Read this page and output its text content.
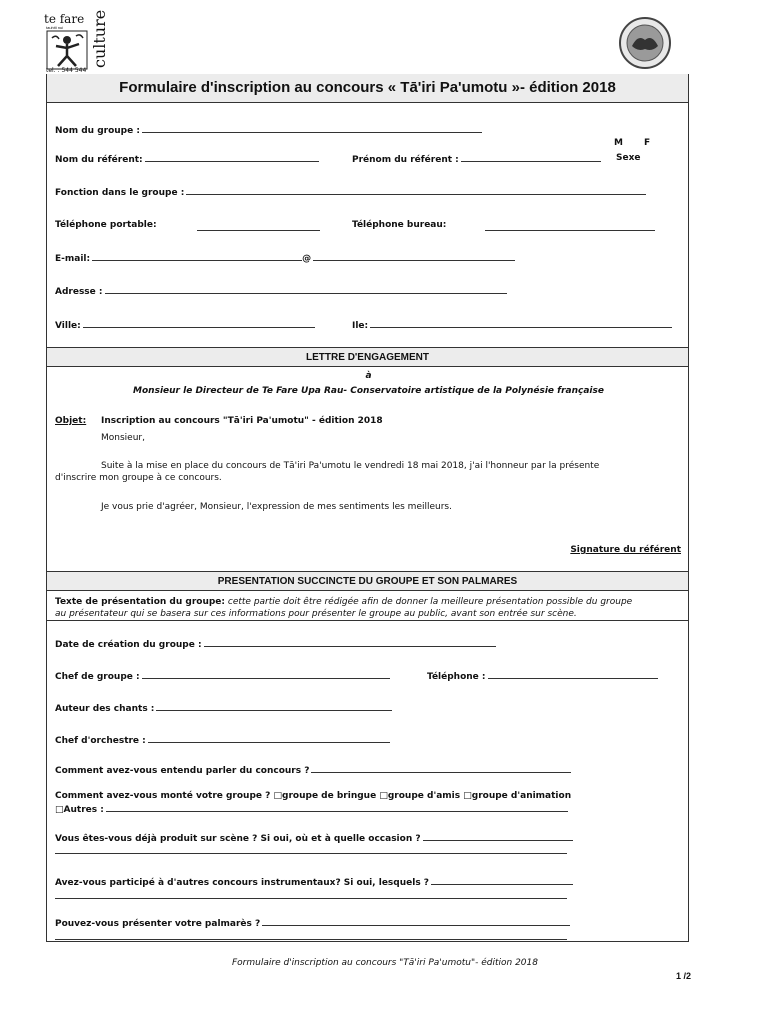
te fare
tauhiti nui culture
tel. : 544 544
Formulaire d'inscription au concours « Tā'iri Pa'umotu »- édition 2018
Nom du groupe :
M F
Nom du référent:	Prénom du référent :	Sexe
Fonction dans le groupe :
Téléphone portable:	Téléphone bureau:
E-mail:	@
Adresse :
Ville:	Ile:
LETTRE D'ENGAGEMENT
à
Monsieur le Directeur de Te Fare Upa Rau- Conservatoire artistique de la Polynésie française
Objet: Inscription au concours "Tā'iri Pa'umotu" - édition 2018
Monsieur,
Suite à la mise en place du concours de Tā'iri Pa'umotu le vendredi 18 mai 2018, j'ai l'honneur par la présente
d'inscrire mon groupe à ce concours.
Je vous prie d'agréer, Monsieur, l'expression de mes sentiments les meilleurs.
Signature du référent
PRESENTATION SUCCINCTE DU GROUPE ET SON PALMARES
Texte de présentation du groupe: cette partie doit être rédigée afin de donner la meilleure présentation possible du groupe
au présentateur qui se basera sur ces informations pour présenter le groupe au public, avant son entrée sur scène.
Date de création du groupe :
Chef de groupe :	Téléphone :
Auteur des chants :
Chef d'orchestre :
Comment avez-vous entendu parler du concours ?
Comment avez-vous monté votre groupe ? □groupe de bringue □groupe d'amis □groupe d'animation
□Autres :
Vous êtes-vous déjà produit sur scène ? Si oui, où et à quelle occasion ?
Avez-vous participé à d'autres concours instrumentaux? Si oui, lesquels ?
Pouvez-vous présenter votre palmarès ?
Formulaire d'inscription au concours "Tā'iri Pa'umotu"- édition 2018
1 /2
